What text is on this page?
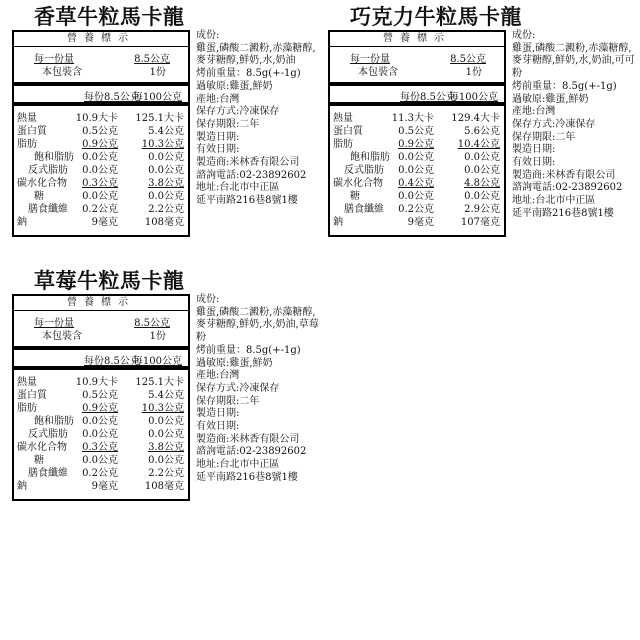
香草牛粒馬卡龍
營養標示
每一份量	8.5公克
本包裝含	1份
每份8.5公克
每100公克
熱量	10.9大卡 125.1大卡
蛋白質	0.5公克	5.4公克
脂肪	0.9公克 10.3公克
飽和脂肪 0.0公克	0.0公克
反式脂肪 0.0公克	0.0公克
碳水化合物 0.3公克	3.8公克
糖	0.0公克	0.0公克
膳食纖維 0.2公克	2.2公克
鈉	9毫克	108毫克
成份:
雞蛋,磷酸二澱粉,赤藻糖醇,麥芽糖醇,鮮奶,水,奶油
烤前重量：8.5g(+-1g)
過敏原:雞蛋,鮮奶
產地:台灣
保存方式:冷凍保存
保存期限:二年
製造日期:
有效日期:
製造商:米林香有限公司
諮詢電話:02-23892602
地址:台北市中正區
延平南路216巷8號1樓
巧克力牛粒馬卡龍
營養標示
每一份量	8.5公克
本包裝含	1份
每份8.5公克
每100公克
熱量	11.3大卡 129.4大卡
蛋白質	0.5公克	5.6公克
脂肪	0.9公克 10.4公克
飽和脂肪 0.0公克	0.0公克
反式脂肪 0.0公克	0.0公克
碳水化合物 0.4公克	4.8公克
糖	0.0公克	0.0公克
膳食纖維 0.2公克	2.9公克
鈉	9毫克	107毫克
成份:
雞蛋,磷酸二澱粉,赤藻糖醇,麥芽糖醇,鮮奶,水,奶油,可可粉
烤前重量：8.5g(+-1g)
過敏原:雞蛋,鮮奶
產地:台灣
保存方式:冷凍保存
保存期限:二年
製造日期:
有效日期:
製造商:米林香有限公司
諮詢電話:02-23892602
地址:台北市中正區
延平南路216巷8號1樓
草莓牛粒馬卡龍
營養標示
每一份量	8.5公克
本包裝含	1份
每份8.5公克
每100公克
熱量	10.9大卡 125.1大卡
蛋白質	0.5公克	5.4公克
脂肪	0.9公克 10.3公克
飽和脂肪 0.0公克	0.0公克
反式脂肪 0.0公克	0.0公克
碳水化合物 0.3公克	3.8公克
糖	0.0公克	0.0公克
膳食纖維 0.2公克	2.2公克
鈉	9毫克	108毫克
成份:
雞蛋,磷酸二澱粉,赤藻糖醇,麥芽糖醇,鮮奶,水,奶油,草莓粉
烤前重量：8.5g(+-1g)
過敏原:雞蛋,鮮奶
產地:台灣
保存方式:冷凍保存
保存期限:二年
製造日期:
有效日期:
製造商:米林香有限公司
諮詢電話:02-23892602
地址:台北市中正區
延平南路216巷8號1樓
